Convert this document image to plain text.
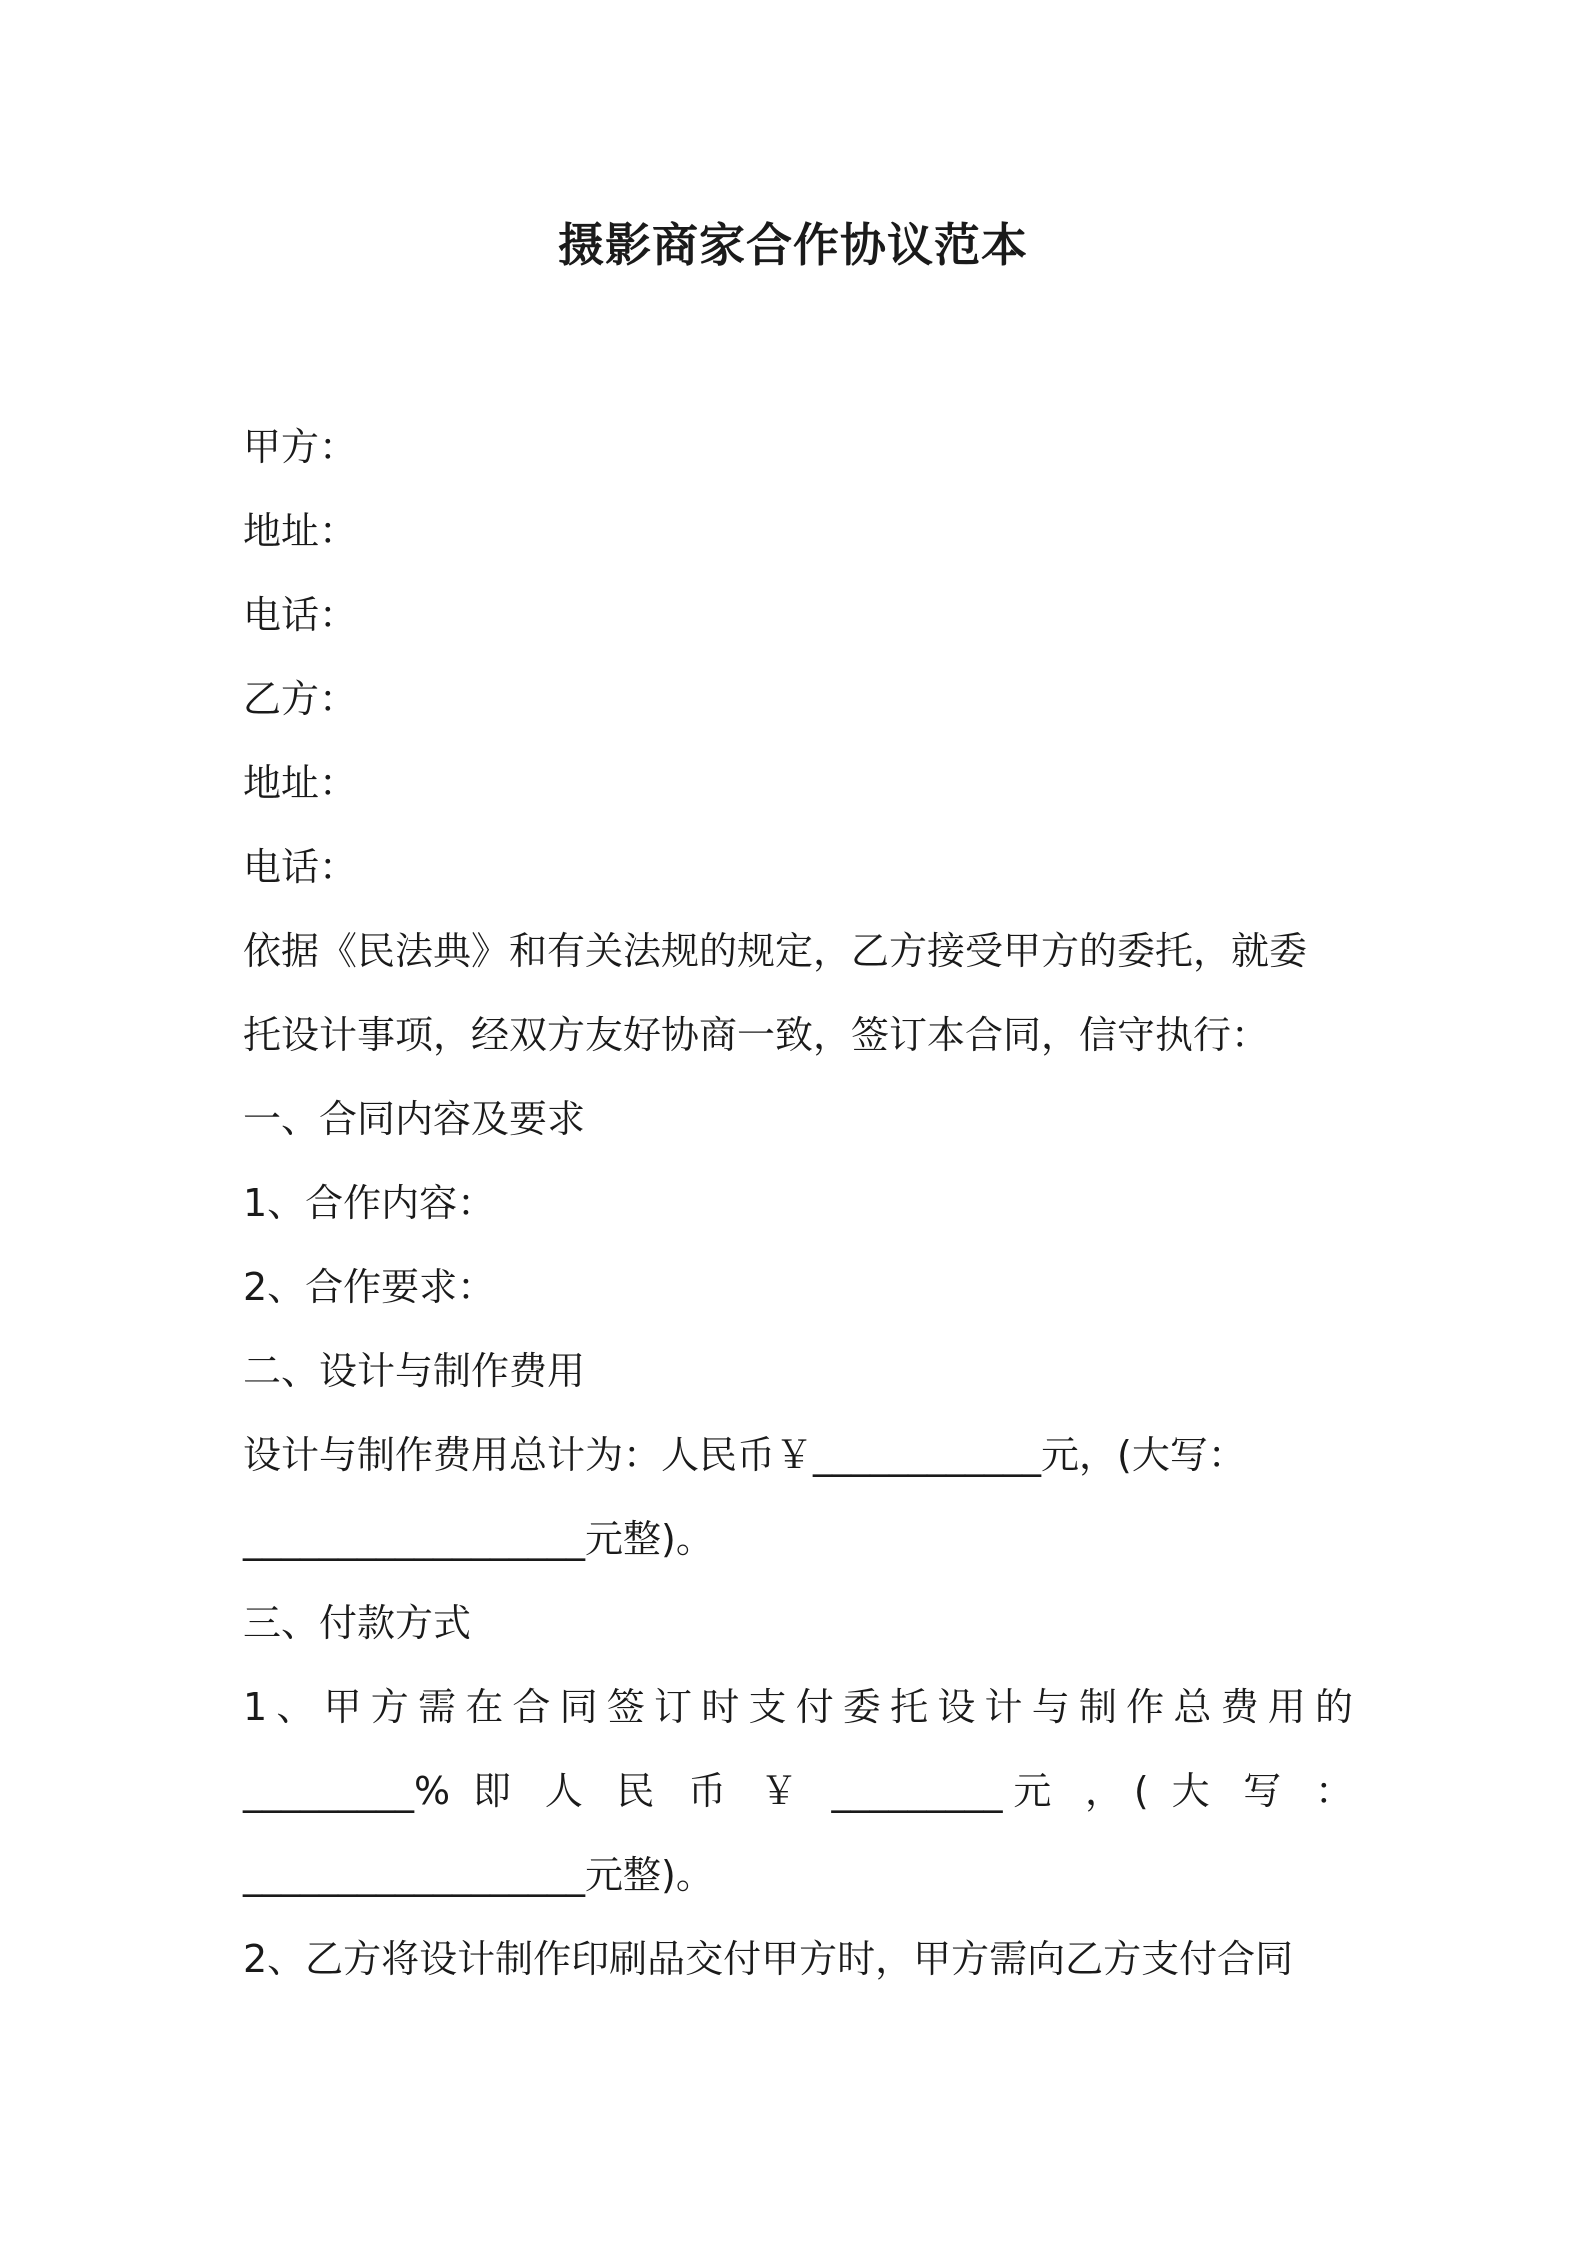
摄影商家合作协议范本
甲方：
地址：
电话：
乙方：
地址：
电话：
依据《民法典》和有关法规的规定，乙方接受甲方的委托，就委
托设计事项，经双方友好协商一致，签订本合同，信守执行：
一、合同内容及要求
1、合作内容：
2、合作要求：
二、设计与制作费用
设计与制作费用总计为：人民币￥____________元，(大写：
__________________元整)。
三、付款方式
1、甲方需在合同签订时支付委托设计与制作总费用的
_________% 即 人 民 币 ￥ _________元 ，( 大 写 ：
__________________元整)。
2、乙方将设计制作印刷品交付甲方时，甲方需向乙方支付合同
